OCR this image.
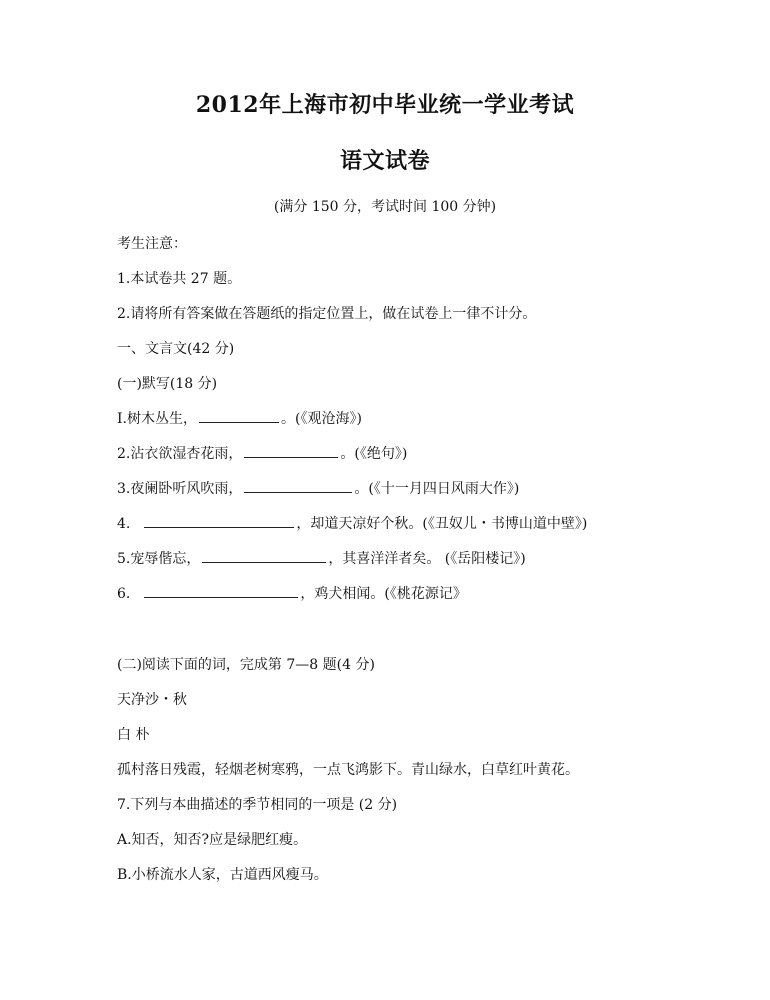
2012年上海市初中毕业统一学业考试
语文试卷
(满分 150 分，考试时间 100 分钟)
考生注意：
1.本试卷共 27 题。
2.请将所有答案做在答题纸的指定位置上，做在试卷上一律不计分。
一、文言文(42 分)
(一)默写(18 分)
I.树木丛生，	。(《观沧海》)
2.沾衣欲湿杏花雨，	。(《绝句》)
3.夜阑卧听风吹雨，	。(《十一月四日风雨大作》)
4.	，却道天凉好个秋。(《丑奴儿・书博山道中壁》)
5.宠辱偕忘，	，其喜洋洋者矣。 (《岳阳楼记》)
6.	，鸡犬相闻。(《桃花源记》
(二)阅读下面的词，完成第 7—8 题(4 分)
天净沙・秋
白 朴
孤村落日残霞，轻烟老树寒鸦，一点飞鸿影下。青山绿水，白草红叶黄花。
7.下列与本曲描述的季节相同的一项是 (2 分)
A.知否，知否?应是绿肥红瘦。
B.小桥流水人家，古道西风瘦马。
